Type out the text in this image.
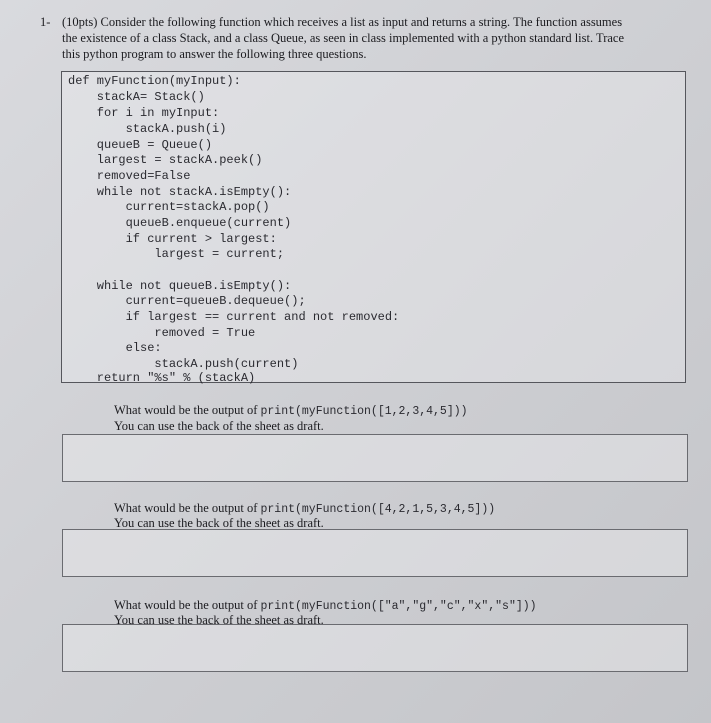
1- (10pts) Consider the following function which receives a list as input and returns a string. The function assumes the existence of a class Stack, and a class Queue, as seen in class implemented with a python standard list. Trace this python program to answer the following three questions.
def myFunction(myInput):
stackA= Stack()
for i in myInput:
stackA.push(i)
queueB = Queue()
largest = stackA.peek()
removed=False
while not stackA.isEmpty():
current=stackA.pop()
queueB.enqueue(current)
if current > largest:
largest = current;
while not queueB.isEmpty():
current=queueB.dequeue();
if largest == current and not removed:
removed = True
else:
stackA.push(current)
return "%s" % (stackA)
What would be the output of print(myFunction([1,2,3,4,5]))
You can use the back of the sheet as draft.
What would be the output of print(myFunction([4,2,1,5,3,4,5]))
You can use the back of the sheet as draft.
What would be the output of print(myFunction(["a","g","c","x","s"]))
You can use the back of the sheet as draft.
